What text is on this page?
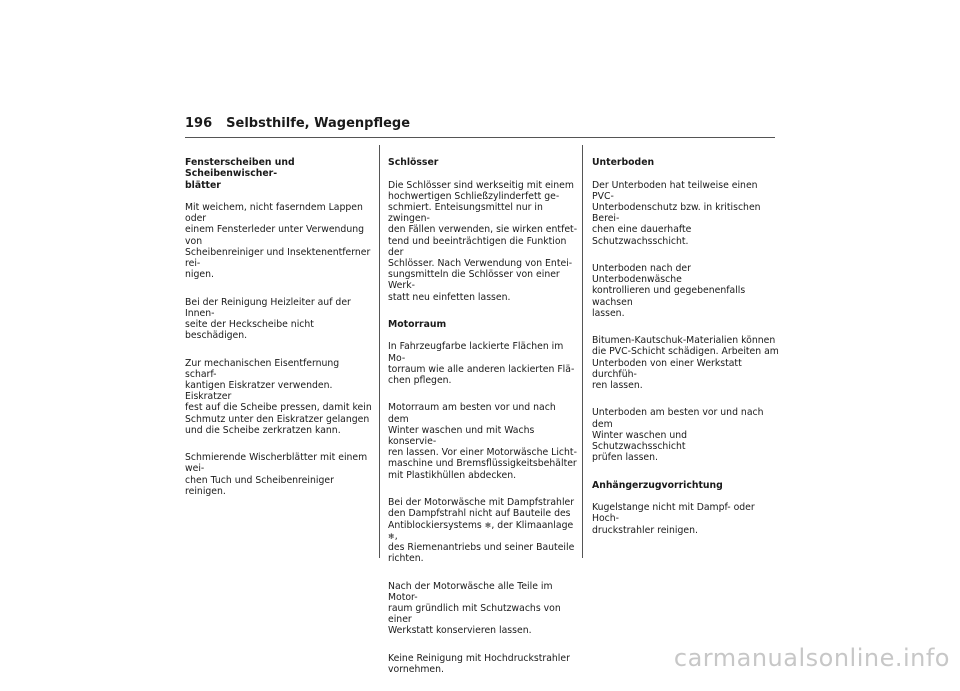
196 Selbsthilfe, Wagenpflege

Fensterscheiben und Scheibenwischer-
blätter

Mit weichem, nicht faserndem Lappen oder
einem Fensterleder unter Verwendung von
Scheibenreiniger und Insektenentferner rei-
nigen.

Bei der Reinigung Heizleiter auf der Innen-
seite der Heckscheibe nicht beschädigen.

Zur mechanischen Eisentfernung scharf-
kantigen Eiskratzer verwenden. Eiskratzer
fest auf die Scheibe pressen, damit kein
Schmutz unter den Eiskratzer gelangen
und die Scheibe zerkratzen kann.

Schmierende Wischerblätter mit einem wei-
chen Tuch und Scheibenreiniger reinigen.

Schlösser

Die Schlösser sind werkseitig mit einem
hochwertigen Schließzylinderfett ge-
schmiert. Enteisungsmittel nur in zwingen-
den Fällen verwenden, sie wirken entfet-
tend und beeinträchtigen die Funktion der
Schlösser. Nach Verwendung von Entei-
sungsmitteln die Schlösser von einer Werk-
statt neu einfetten lassen.

Motorraum

In Fahrzeugfarbe lackierte Flächen im Mo-
torraum wie alle anderen lackierten Flä-
chen pflegen.

Motorraum am besten vor und nach dem
Winter waschen und mit Wachs konservie-
ren lassen. Vor einer Motorwäsche Licht-
maschine und Bremsflüssigkeitsbehälter
mit Plastikhüllen abdecken.

Bei der Motorwäsche mit Dampfstrahler
den Dampfstrahl nicht auf Bauteile des
Antiblockiersystems ❄, der Klimaanlage ❄,
des Riemenantriebs und seiner Bauteile
richten.

Nach der Motorwäsche alle Teile im Motor-
raum gründlich mit Schutzwachs von einer
Werkstatt konservieren lassen.

Keine Reinigung mit Hochdruckstrahler
vornehmen.

Unterboden

Der Unterboden hat teilweise einen PVC-
Unterbodenschutz bzw. in kritischen Berei-
chen eine dauerhafte Schutzwachsschicht.

Unterboden nach der Unterbodenwäsche
kontrollieren und gegebenenfalls wachsen
lassen.

Bitumen-Kautschuk-Materialien können
die PVC-Schicht schädigen. Arbeiten am
Unterboden von einer Werkstatt durchfüh-
ren lassen.

Unterboden am besten vor und nach dem
Winter waschen und Schutzwachsschicht
prüfen lassen.

Anhängerzugvorrichtung

Kugelstange nicht mit Dampf- oder Hoch-
druckstrahler reinigen.

carmanualsonline.info
